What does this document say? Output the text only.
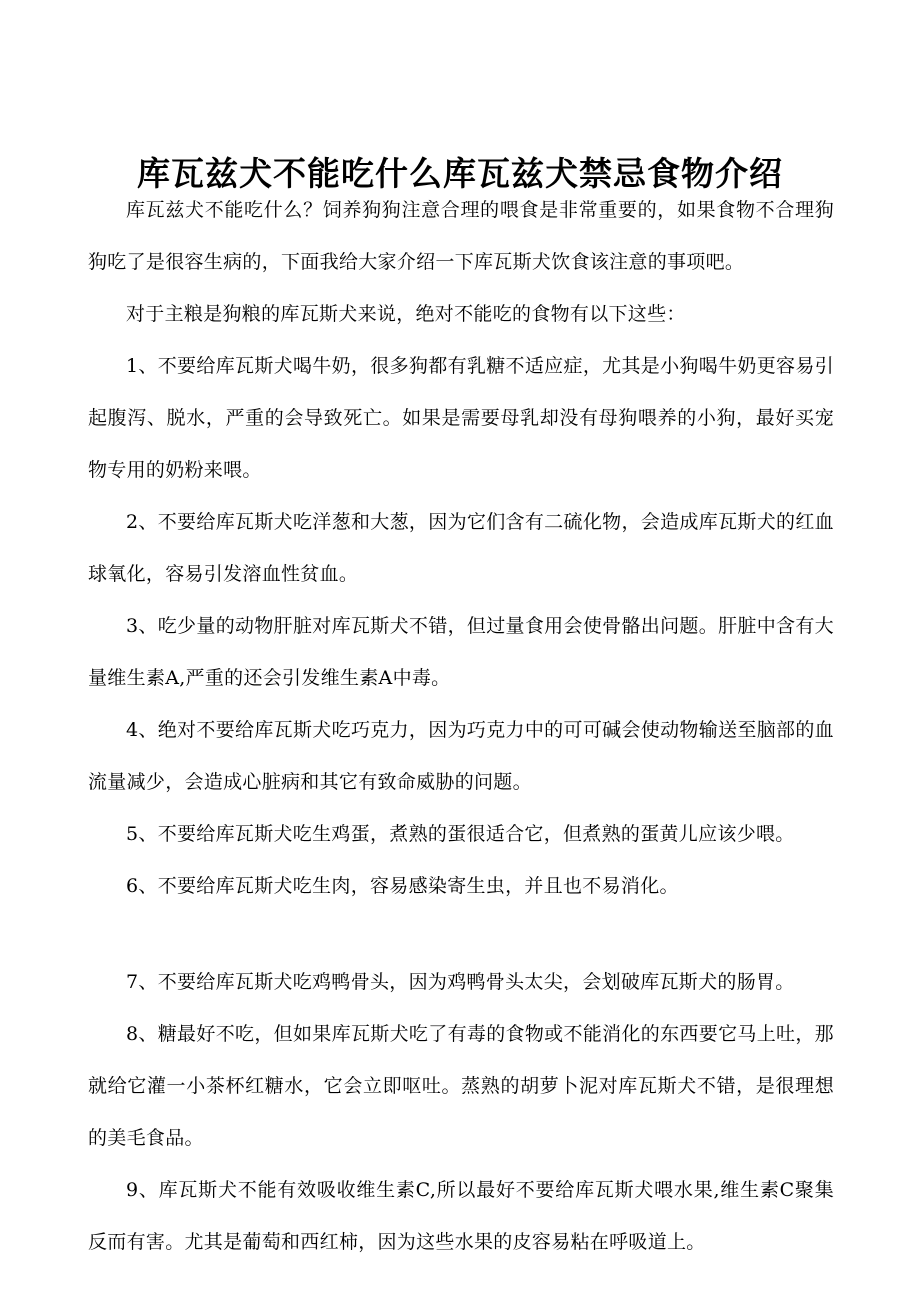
库瓦兹犬不能吃什么库瓦兹犬禁忌食物介绍

库瓦兹犬不能吃什么？饲养狗狗注意合理的喂食是非常重要的，如果食物不合理狗狗吃了是很容生病的，下面我给大家介绍一下库瓦斯犬饮食该注意的事项吧。

对于主粮是狗粮的库瓦斯犬来说，绝对不能吃的食物有以下这些：

1、不要给库瓦斯犬喝牛奶，很多狗都有乳糖不适应症，尤其是小狗喝牛奶更容易引起腹泻、脱水，严重的会导致死亡。如果是需要母乳却没有母狗喂养的小狗，最好买宠物专用的奶粉来喂。

2、不要给库瓦斯犬吃洋葱和大葱，因为它们含有二硫化物，会造成库瓦斯犬的红血球氧化，容易引发溶血性贫血。

3、吃少量的动物肝脏对库瓦斯犬不错，但过量食用会使骨骼出问题。肝脏中含有大量维生素A,严重的还会引发维生素A中毒。

4、绝对不要给库瓦斯犬吃巧克力，因为巧克力中的可可碱会使动物输送至脑部的血流量减少，会造成心脏病和其它有致命威胁的问题。

5、不要给库瓦斯犬吃生鸡蛋，煮熟的蛋很适合它，但煮熟的蛋黄儿应该少喂。

6、不要给库瓦斯犬吃生肉，容易感染寄生虫，并且也不易消化。

7、不要给库瓦斯犬吃鸡鸭骨头，因为鸡鸭骨头太尖，会划破库瓦斯犬的肠胃。

8、糖最好不吃，但如果库瓦斯犬吃了有毒的食物或不能消化的东西要它马上吐，那就给它灌一小茶杯红糖水，它会立即呕吐。蒸熟的胡萝卜泥对库瓦斯犬不错，是很理想的美毛食品。

9、库瓦斯犬不能有效吸收维生素C,所以最好不要给库瓦斯犬喂水果,维生素C聚集反而有害。尤其是葡萄和西红柿，因为这些水果的皮容易粘在呼吸道上。
